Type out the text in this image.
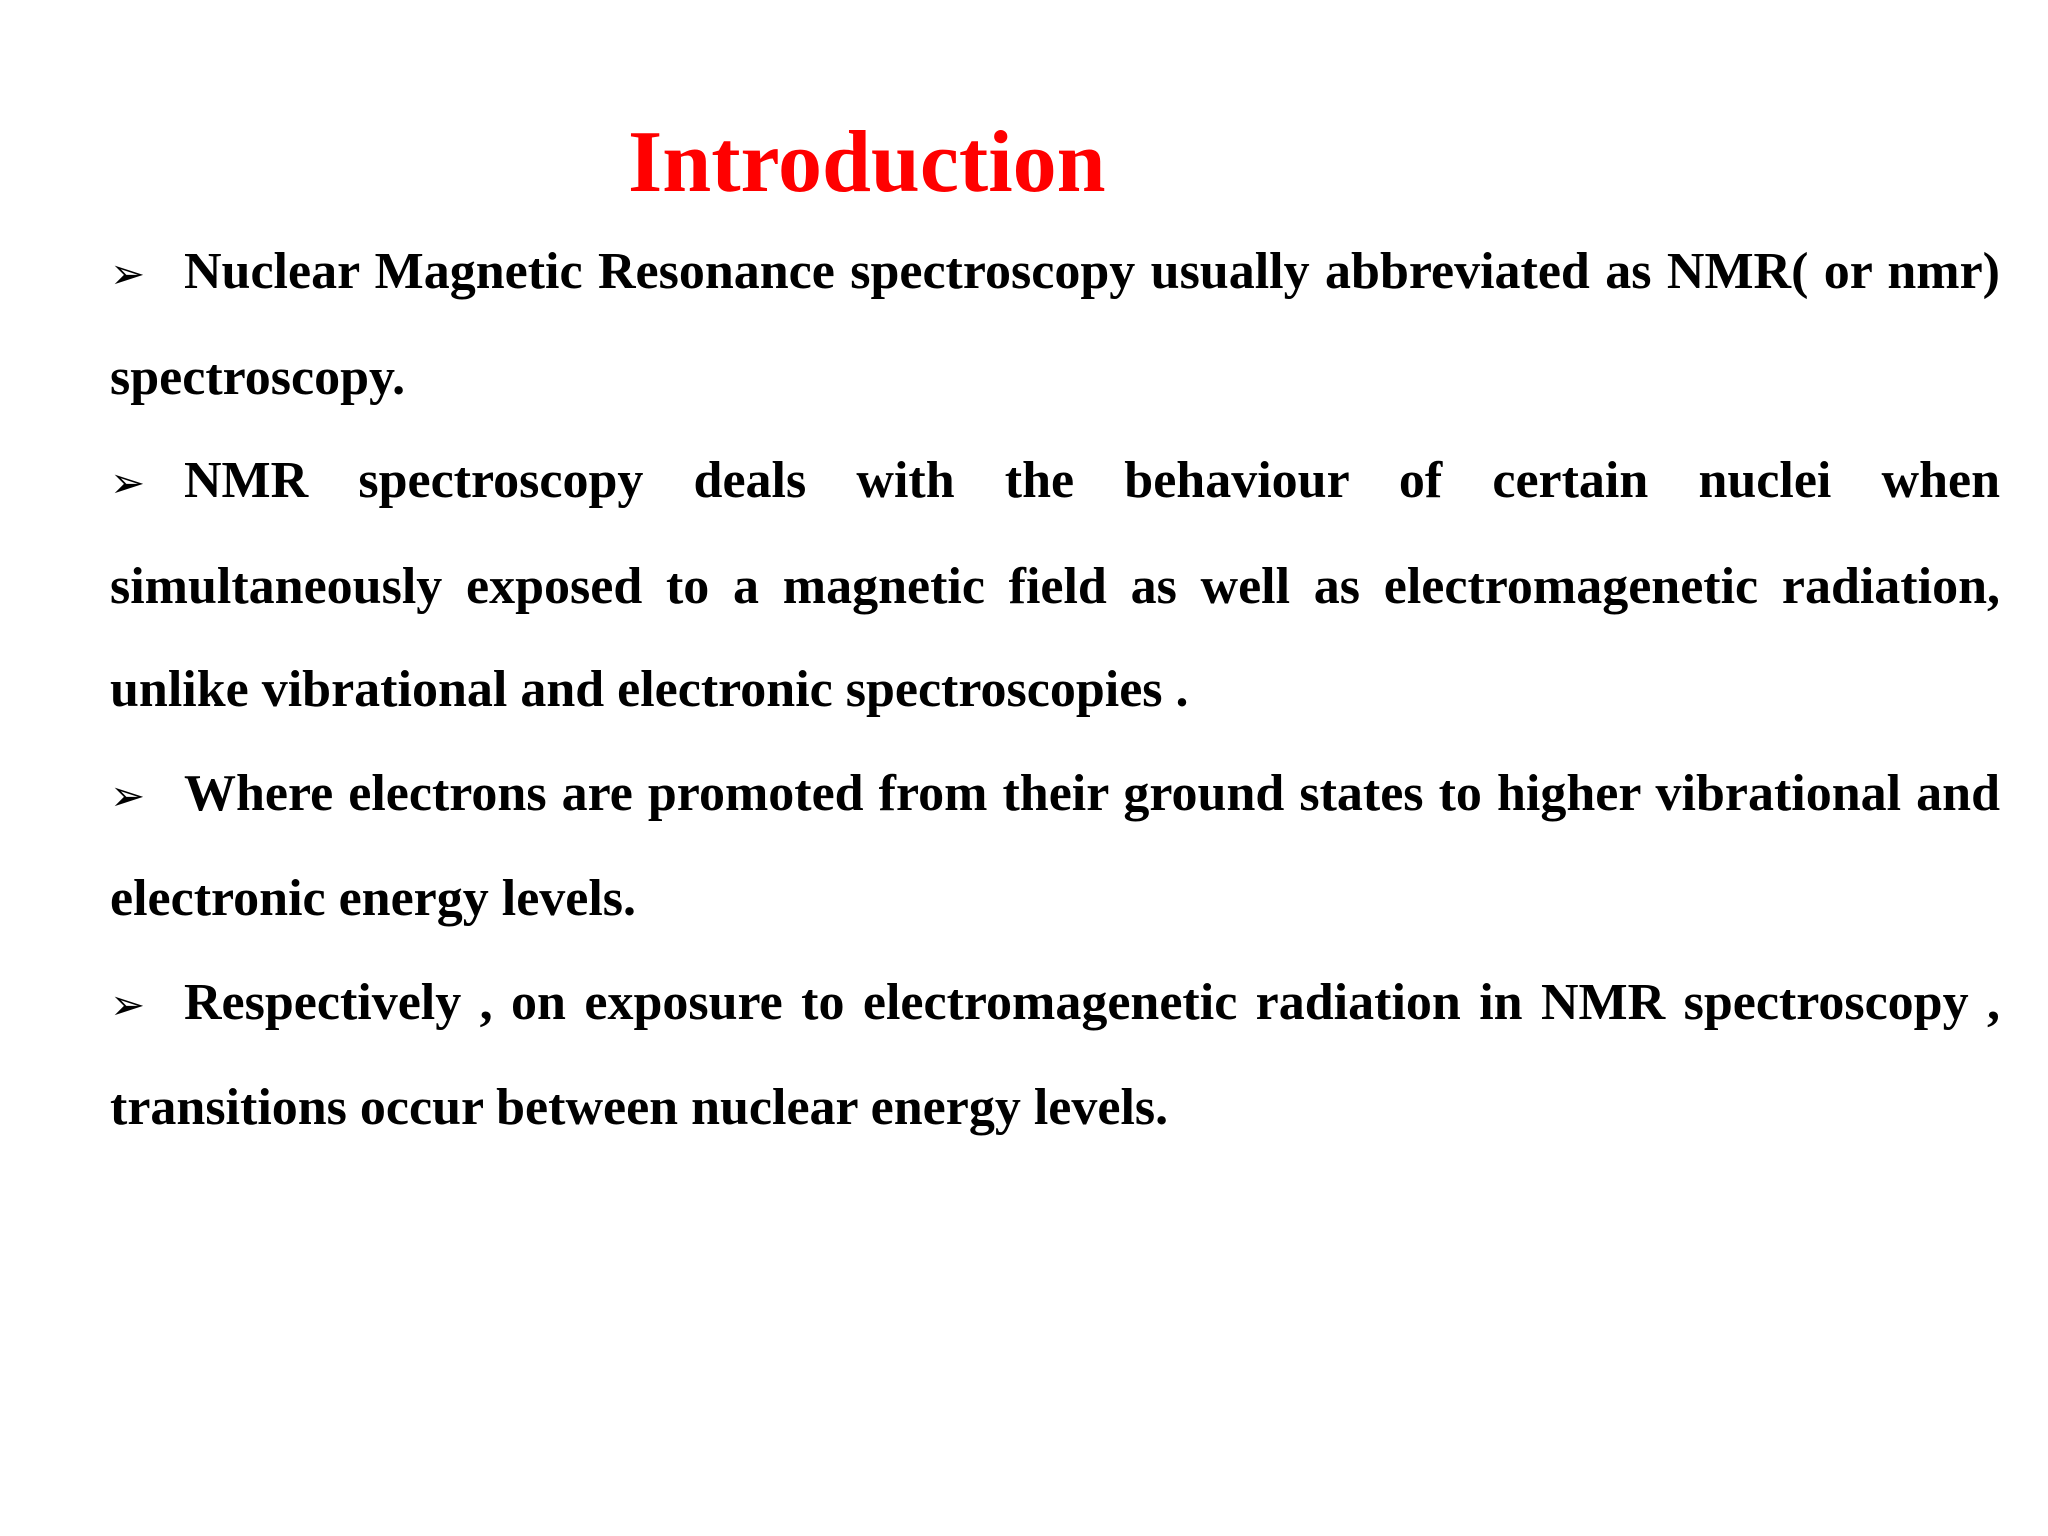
Introduction

➢ Nuclear Magnetic Resonance spectroscopy usually abbreviated as NMR( or nmr) spectroscopy.

➢ NMR spectroscopy deals with the behaviour of certain nuclei when simultaneously exposed to a magnetic field as well as electromagenetic radiation, unlike vibrational and electronic spectroscopies .

➢ Where electrons are promoted from their ground states to higher vibrational and electronic energy levels.

➢ Respectively , on exposure to electromagenetic radiation in NMR spectroscopy , transitions occur between nuclear energy levels.
